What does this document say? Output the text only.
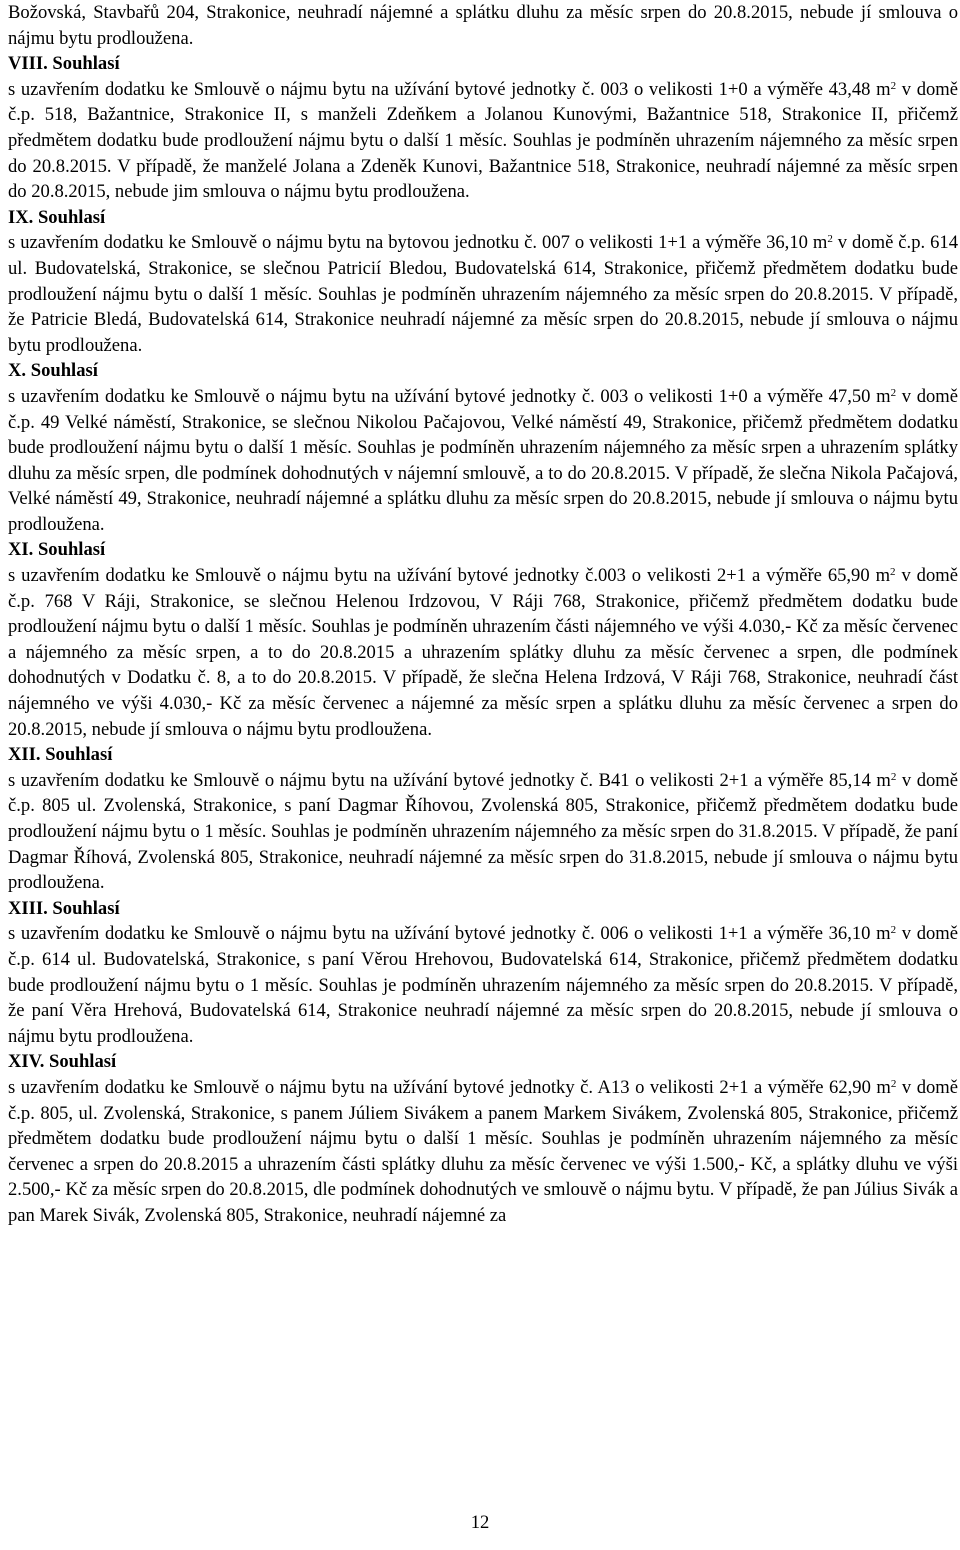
Božovská, Stavbařů 204, Strakonice, neuhradí nájemné a splátku dluhu za měsíc srpen do 20.8.2015, nebude jí smlouva o nájmu bytu prodloužena.

VIII. Souhlasí

s uzavřením dodatku ke Smlouvě o nájmu bytu na užívání bytové jednotky č. 003 o velikosti 1+0 a výměře 43,48 $m^2$ v domě č.p. 518, Bažantnice, Strakonice II, s manželi Zdeňkem a Jolanou Kunovými, Bažantnice 518, Strakonice II, přičemž předmětem dodatku bude prodloužení nájmu bytu o další 1 měsíc. Souhlas je podmíněn uhrazením nájemného za měsíc srpen do 20.8.2015. V případě, že manželé Jolana a Zdeněk Kunovi, Bažantnice 518, Strakonice, neuhradí nájemné za měsíc srpen do 20.8.2015, nebude jim smlouva o nájmu bytu prodloužena.

IX. Souhlasí

s uzavřením dodatku ke Smlouvě o nájmu bytu na bytovou jednotku č. 007 o velikosti 1+1 a výměře 36,10 $m^2$ v domě č.p. 614 ul. Budovatelská, Strakonice, se slečnou Patricií Bledou, Budovatelská 614, Strakonice, přičemž předmětem dodatku bude prodloužení nájmu bytu o další 1 měsíc. Souhlas je podmíněn uhrazením nájemného za měsíc srpen do 20.8.2015. V případě, že Patricie Bledá, Budovatelská 614, Strakonice neuhradí nájemné za měsíc srpen do 20.8.2015, nebude jí smlouva o nájmu bytu prodloužena.

X. Souhlasí

s uzavřením dodatku ke Smlouvě o nájmu bytu na užívání bytové jednotky č. 003 o velikosti 1+0 a výměře 47,50 $m^2$ v domě č.p. 49 Velké náměstí, Strakonice, se slečnou Nikolou Pačajovou, Velké náměstí 49, Strakonice, přičemž předmětem dodatku bude prodloužení nájmu bytu o další 1 měsíc. Souhlas je podmíněn uhrazením nájemného za měsíc srpen a uhrazením splátky dluhu za měsíc srpen, dle podmínek dohodnutých v nájemní smlouvě, a to do 20.8.2015. V případě, že slečna Nikola Pačajová, Velké náměstí 49, Strakonice, neuhradí nájemné a splátku dluhu za měsíc srpen do 20.8.2015, nebude jí smlouva o nájmu bytu prodloužena.

XI. Souhlasí

s uzavřením dodatku ke Smlouvě o nájmu bytu na užívání bytové jednotky č.003 o velikosti 2+1 a výměře 65,90 $m^2$ v domě č.p. 768 V Ráji, Strakonice, se slečnou Helenou Irdzovou, V Ráji 768, Strakonice, přičemž předmětem dodatku bude prodloužení nájmu bytu o další 1 měsíc. Souhlas je podmíněn uhrazením části nájemného ve výši 4.030,- Kč za měsíc červenec a nájemného za měsíc srpen, a to do 20.8.2015 a uhrazením splátky dluhu za měsíc červenec a srpen, dle podmínek dohodnutých v Dodatku č. 8, a to do 20.8.2015. V případě, že slečna Helena Irdzová, V Ráji 768, Strakonice, neuhradí část nájemného ve výši 4.030,- Kč za měsíc červenec a nájemné za měsíc srpen a splátku dluhu za měsíc červenec a srpen do 20.8.2015, nebude jí smlouva o nájmu bytu prodloužena.

XII. Souhlasí

s uzavřením dodatku ke Smlouvě o nájmu bytu na užívání bytové jednotky č. B41 o velikosti 2+1 a výměře 85,14 $m^2$ v domě č.p. 805 ul. Zvolenská, Strakonice, s paní Dagmar Říhovou, Zvolenská 805, Strakonice, přičemž předmětem dodatku bude prodloužení nájmu bytu o 1 měsíc. Souhlas je podmíněn uhrazením nájemného za měsíc srpen do 31.8.2015. V případě, že paní Dagmar Říhová, Zvolenská 805, Strakonice, neuhradí nájemné za měsíc srpen do 31.8.2015, nebude jí smlouva o nájmu bytu prodloužena.

XIII. Souhlasí

s uzavřením dodatku ke Smlouvě o nájmu bytu na užívání bytové jednotky č. 006 o velikosti 1+1 a výměře 36,10 $m^2$ v domě č.p. 614 ul. Budovatelská, Strakonice, s paní Věrou Hrehovou, Budovatelská 614, Strakonice, přičemž předmětem dodatku bude prodloužení nájmu bytu o 1 měsíc. Souhlas je podmíněn uhrazením nájemného za měsíc srpen do 20.8.2015. V případě, že paní Věra Hrehová, Budovatelská 614, Strakonice neuhradí nájemné za měsíc srpen do 20.8.2015, nebude jí smlouva o nájmu bytu prodloužena.

XIV. Souhlasí

s uzavřením dodatku ke Smlouvě o nájmu bytu na užívání bytové jednotky č. A13 o velikosti 2+1 a výměře 62,90 $m^2$ v domě č.p. 805, ul. Zvolenská, Strakonice, s panem Júliem Sivákem a panem Markem Sivákem, Zvolenská 805, Strakonice, přičemž předmětem dodatku bude prodloužení nájmu bytu o další 1 měsíc. Souhlas je podmíněn uhrazením nájemného za měsíc červenec a srpen do 20.8.2015 a uhrazením části splátky dluhu za měsíc červenec ve výši 1.500,- Kč, a splátky dluhu ve výši 2.500,- Kč za měsíc srpen do 20.8.2015, dle podmínek dohodnutých ve smlouvě o nájmu bytu. V případě, že pan Július Sivák a pan Marek Sivák, Zvolenská 805, Strakonice, neuhradí nájemné za

12
